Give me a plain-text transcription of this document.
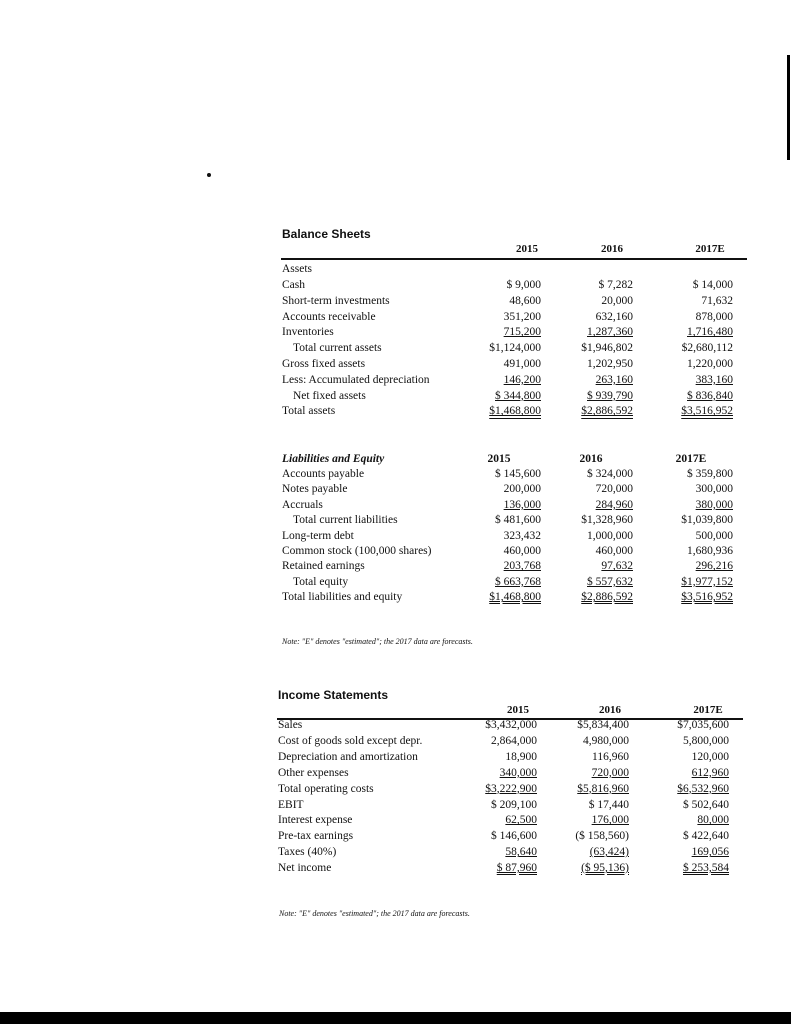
Balance Sheets
2015	2016	2017E
Assets
Cash	$ 9,000	$ 7,282	$ 14,000
Short-term investments	48,600	20,000	71,632
Accounts receivable	351,200	632,160	878,000
Inventories	715,200	1,287,360	1,716,480
Total current assets	$1,124,000	$1,946,802	$2,680,112
Gross fixed assets	491,000	1,202,950	1,220,000
Less: Accumulated depreciation	146,200	263,160	383,160
Net fixed assets	$ 344,800	$ 939,790	$ 836,840
Total assets	$1,468,800	$2,886,592	$3,516,952
Liabilities and Equity	2015	2016	2017E
Accounts payable	$ 145,600	$ 324,000	$ 359,800
Notes payable	200,000	720,000	300,000
Accruals	136,000	284,960	380,000
Total current liabilities	$ 481,600	$1,328,960	$1,039,800
Long-term debt	323,432	1,000,000	500,000
Common stock (100,000 shares)	460,000	460,000	1,680,936
Retained earnings	203,768	97,632	296,216
Total equity	$ 663,768	$ 557,632	$1,977,152
Total liabilities and equity	$1,468,800	$2,886,592	$3,516,952
Note: "E" denotes "estimated"; the 2017 data are forecasts.
Income Statements
2015	2016	2017E
Sales	$3,432,000	$5,834,400	$7,035,600
Cost of goods sold except depr.	2,864,000	4,980,000	5,800,000
Depreciation and amortization	18,900	116,960	120,000
Other expenses	340,000	720,000	612,960
Total operating costs	$3,222,900	$5,816,960	$6,532,960
EBIT	$ 209,100	$ 17,440	$ 502,640
Interest expense	62,500	176,000	80,000
Pre-tax earnings	$ 146,600	($ 158,560)	$ 422,640
Taxes (40%)	58,640	(63,424)	169,056
Net income	$ 87,960	($ 95,136)	$ 253,584
Note: "E" denotes "estimated"; the 2017 data are forecasts.
